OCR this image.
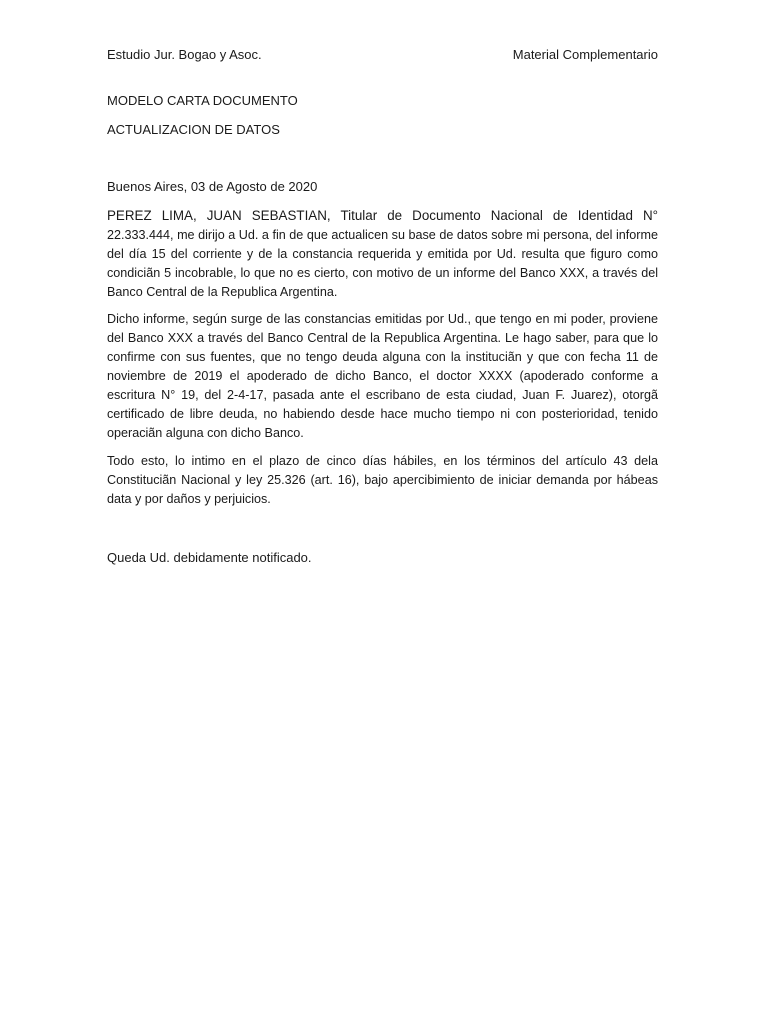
Estudio Jur. Bogao y Asoc.	Material Complementario
MODELO CARTA DOCUMENTO
ACTUALIZACION DE DATOS
Buenos Aires, 03 de Agosto de 2020

PEREZ LIMA, JUAN SEBASTIAN, Titular de Documento Nacional de Identidad N° 22.333.444, me dirijo a Ud. a fin de que actualicen su base de datos sobre mi persona, del informe del día 15 del corriente y de la constancia requerida y emitida por Ud. resulta que figuro como condiciãn 5 incobrable, lo que no es cierto, con motivo de un informe del Banco XXX, a través del Banco Central de la Republica Argentina.

Dicho informe, según surge de las constancias emitidas por Ud., que tengo en mi poder, proviene del Banco XXX a través del Banco Central de la Republica Argentina. Le hago saber, para que lo confirme con sus fuentes, que no tengo deuda alguna con la instituciãn y que con fecha 11 de noviembre de 2019 el apoderado de dicho Banco, el doctor XXXX (apoderado conforme a escritura N° 19, del 2-4-17, pasada ante el escribano de esta ciudad, Juan F. Juarez), otorgã certificado de libre deuda, no habiendo desde hace mucho tiempo ni con posterioridad, tenido operaciãn alguna con dicho Banco.

Todo esto, lo intimo en el plazo de cinco días hábiles, en los términos del artículo 43 dela Constituciãn Nacional y ley 25.326 (art. 16), bajo apercibimiento de iniciar demanda por hábeas data y por daños y perjuicios.

Queda Ud. debidamente notificado.
